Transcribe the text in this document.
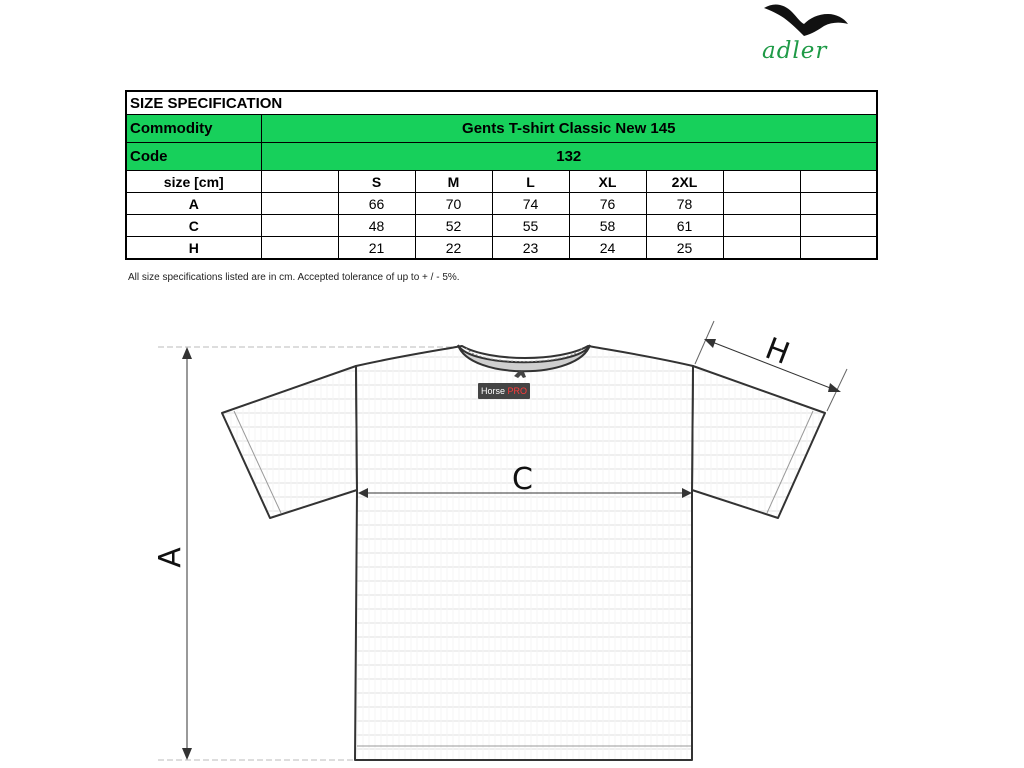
adler
SIZE SPECIFICATION								
Commodity	Gents T-shirt Classic New 145							
Code	132							
size [cm]		S	M	L	XL	2XL		
A		66	70	74	76	78		
C		48	52	55	58	61		
H		21	22	23	24	25		
All size specifications listed are in cm. Accepted tolerance of up to + / - 5%.
C
A
H
Horse PRO
